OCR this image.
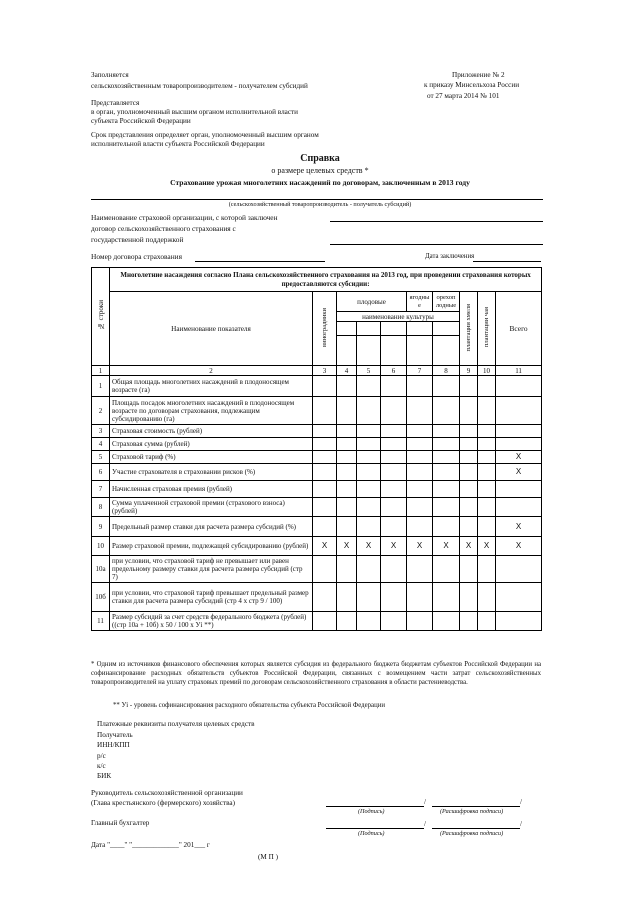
Заполняется
сельскохозяйственным товаропроизводителем - получателем субсидий
Представляется
в орган, уполномоченный высшим органом исполнительной власти
субъекта Российской Федерации
Срок представления определяет орган, уполномоченный высшим органом
исполнительной власти субъекта Российской Федерации
Приложение № 2
к приказу Минсельхоза России
от 27 марта 2014 № 101
Справка
о размере целевых средств *
Страхование урожая многолетних насаждений по договорам, заключенным в 2013 году
(сельскохозяйственный товаропроизводитель - получатель субсидий)
Наименование страховой организации, с которой заключен
договор сельскохозяйственного страхования с
государственной поддержкой
Номер договора страхования	Дата заключения
№ строки	Многолетние насаждения согласно Плана сельскохозяйственного страхования на 2013 год, при проведении страхования которых предоставляются субсидии:									
	Наименование показателя	виноградники	плодовые			ягодные	орехоплодные	плантации хмеля	плантации чая	Всего
			наименование культуры							

1	2	3	4	5	6	7	8	9	10	11
1	Общая площадь многолетних насаждений в плодоносящем возрасте (га)									
2	Площадь посадок многолетних насаждений в плодоносящем возрасте по договорам страхования, подлежащим субсидированию (га)									
3	Страховая стоимость (рублей)									
4	Страховая сумма (рублей)									
5	Страховой тариф (%)									X
6	Участие страхователя в страховании рисков (%)									X
7	Начисленная страховая премия (рублей)									
8	Сумма уплаченной страховой премии (страхового взноса) (рублей)									
9	Предельный размер ставки для расчета размера субсидий (%)									X
10	Размер страховой премии, подлежащей субсидированию (рублей)	X	X	X	X	X	X	X	X	X
10а	при условии, что страховой тариф не превышает или равен предельному размеру ставки для расчета размера субсидий (стр 7)									
10б	при условии, что страховой тариф превышает предельный размер ставки для расчета размера субсидий (стр 4 х стр 9 / 100)									
11	Размер субсидий за счет средств федерального бюджета (рублей) ((стр 10а + 10б) х 50 / 100 х Уi **)									
* Одним из источников финансового обеспечения которых является субсидия из федерального бюджета бюджетам субъектов Российской Федерации на софинансирование расходных обязательств субъектов Российской Федерации, связанных с возмещением части затрат сельскохозяйственных товаропроизводителей на уплату страховых премий по договорам сельскохозяйственного страхования в области растениеводства.
** Уi - уровень софинансирования расходного обязательства субъекта Российской Федерации
Платежные реквизиты получателя целевых средств
Получатель
ИНН/КПП
р/с
к/с
БИК
Руководитель сельскохозяйственной организации
(Глава крестьянского (фермерского) хозяйства)	/	/
(Подпись)	(Расшифровка подписи)
Главный бухгалтер	/	/
(Подпись)	(Расшифровка подписи)
Дата "____" "_____________" 201___ г
(М П )
